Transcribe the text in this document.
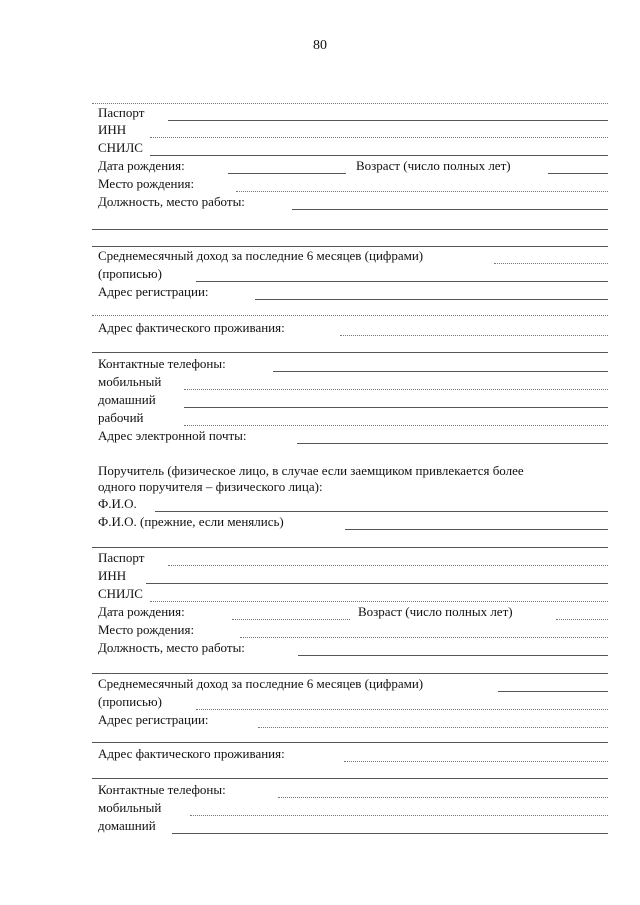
80
Паспорт
ИНН
СНИЛС
Дата рождения:	Возраст (число полных лет)
Место рождения:
Должность, место работы:
Среднемесячный доход за последние 6 месяцев (цифрами)
(прописью)
Адрес регистрации:
Адрес фактического проживания:
Контактные телефоны:
мобильный
домашний
рабочий
Адрес электронной почты:
Поручитель (физическое лицо, в случае если заемщиком привлекается более
одного поручителя – физического лица):
Ф.И.О.
Ф.И.О. (прежние, если менялись)
Паспорт
ИНН
СНИЛС
Дата рождения:	Возраст (число полных лет)
Место рождения:
Должность, место работы:
Среднемесячный доход за последние 6 месяцев (цифрами)
(прописью)
Адрес регистрации:
Адрес фактического проживания:
Контактные телефоны:
мобильный
домашний
